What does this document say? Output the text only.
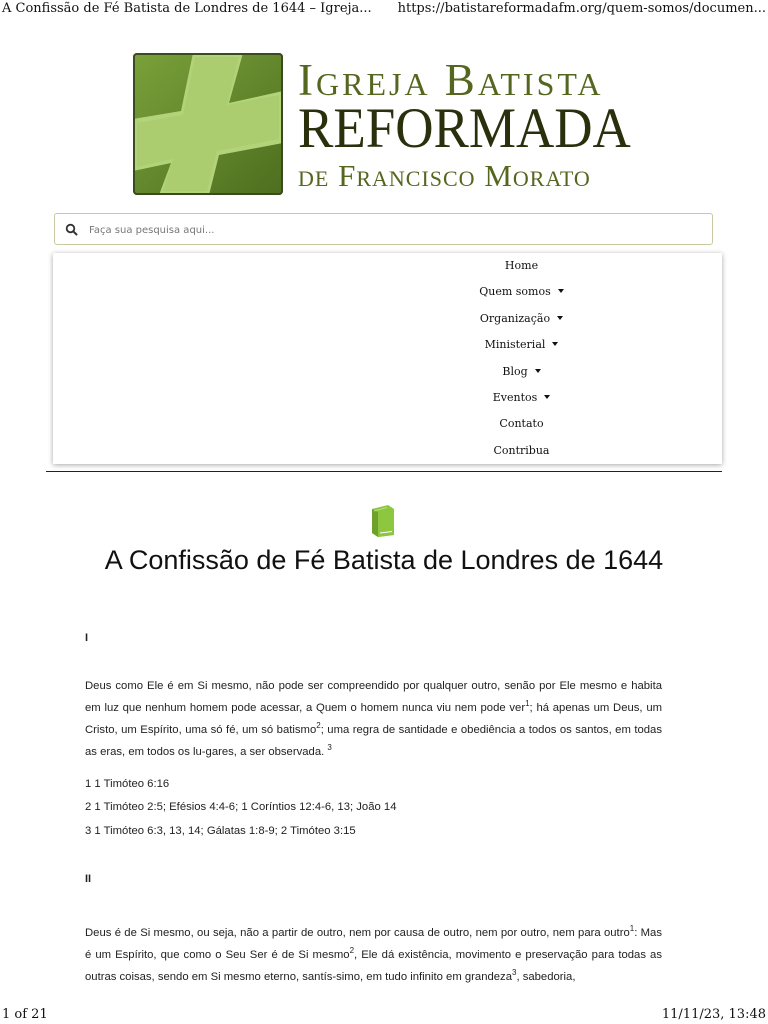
A Confissão de Fé Batista de Londres de 1644 – Igreja... https://batistareformadafm.org/quem-somos/documen...
Igreja Batista
REFORMADA
de Francisco Morato
Faça sua pesquisa aqui...
Home
Quem somos
Organização
Ministerial
Blog
Eventos
Contato
Contribua
A Confissão de Fé Batista de Londres de 1644
I

Deus como Ele é em Si mesmo, não pode ser compreendido por qualquer outro, senão por Ele mesmo e habita em luz que nenhum homem pode acessar, a Quem o homem nunca viu nem pode ver$^1$; há apenas um Deus, um Cristo, um Espírito, uma só fé, um só batismo$^2$; uma regra de santidade e obediência a todos os santos, em todas as eras, em todos os lu-gares, a ser observada. $^3$

1 1 Timóteo 6:16

2 1 Timóteo 2:5; Efésios 4:4-6; 1 Coríntios 12:4-6, 13; João 14

3 1 Timóteo 6:3, 13, 14; Gálatas 1:8-9; 2 Timóteo 3:15

II

Deus é de Si mesmo, ou seja, não a partir de outro, nem por causa de outro, nem por outro, nem para outro$^1$: Mas é um Espírito, que como o Seu Ser é de Si mesmo$^2$, Ele dá existência, movimento e preservação para todas as outras coisas, sendo em Si mesmo eterno, santís-simo, em tudo infinito em grandeza$^3$, sabedoria,

1 of 21	11/11/23, 13:48
